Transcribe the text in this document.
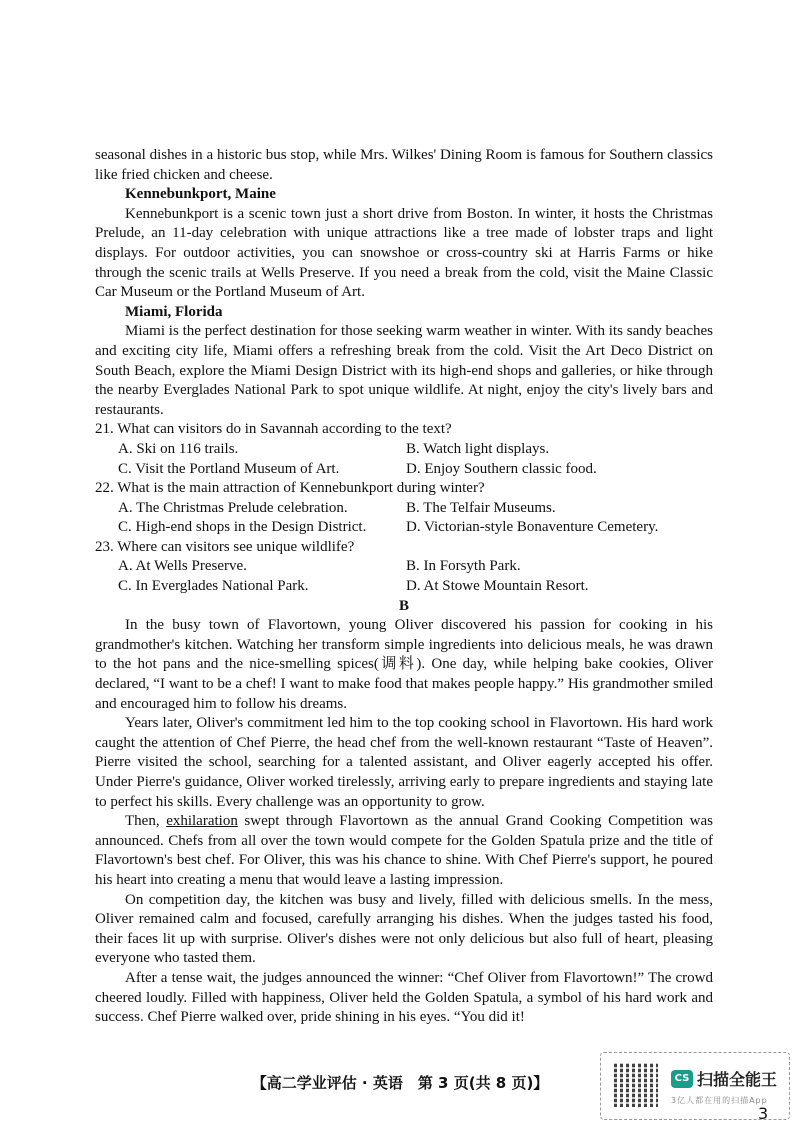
seasonal dishes in a historic bus stop, while Mrs. Wilkes' Dining Room is famous for Southern classics like fried chicken and cheese.

Kennebunkport, Maine

Kennebunkport is a scenic town just a short drive from Boston. In winter, it hosts the Christmas Prelude, an 11-day celebration with unique attractions like a tree made of lobster traps and light displays. For outdoor activities, you can snowshoe or cross-country ski at Harris Farms or hike through the scenic trails at Wells Preserve. If you need a break from the cold, visit the Maine Classic Car Museum or the Portland Museum of Art.

Miami, Florida

Miami is the perfect destination for those seeking warm weather in winter. With its sandy beaches and exciting city life, Miami offers a refreshing break from the cold. Visit the Art Deco District on South Beach, explore the Miami Design District with its high-end shops and galleries, or hike through the nearby Everglades National Park to spot unique wildlife. At night, enjoy the city's lively bars and restaurants.

21. What can visitors do in Savannah according to the text?

A. Ski on 116 trails.	B. Watch light displays.
C. Visit the Portland Museum of Art.	D. Enjoy Southern classic food.

22. What is the main attraction of Kennebunkport during winter?

A. The Christmas Prelude celebration.	B. The Telfair Museums.
C. High-end shops in the Design District.	D. Victorian-style Bonaventure Cemetery.

23. Where can visitors see unique wildlife?

A. At Wells Preserve.	B. In Forsyth Park.
C. In Everglades National Park.	D. At Stowe Mountain Resort.

B

In the busy town of Flavortown, young Oliver discovered his passion for cooking in his grandmother's kitchen. Watching her transform simple ingredients into delicious meals, he was drawn to the hot pans and the nice-smelling spices(调料). One day, while helping bake cookies, Oliver declared, “I want to be a chef! I want to make food that makes people happy.” His grandmother smiled and encouraged him to follow his dreams.

Years later, Oliver's commitment led him to the top cooking school in Flavortown. His hard work caught the attention of Chef Pierre, the head chef from the well-known restaurant “Taste of Heaven”. Pierre visited the school, searching for a talented assistant, and Oliver eagerly accepted his offer. Under Pierre's guidance, Oliver worked tirelessly, arriving early to prepare ingredients and staying late to perfect his skills. Every challenge was an opportunity to grow.

Then, exhilaration swept through Flavortown as the annual Grand Cooking Competition was announced. Chefs from all over the town would compete for the Golden Spatula prize and the title of Flavortown's best chef. For Oliver, this was his chance to shine. With Chef Pierre's support, he poured his heart into creating a menu that would leave a lasting impression.

On competition day, the kitchen was busy and lively, filled with delicious smells. In the mess, Oliver remained calm and focused, carefully arranging his dishes. When the judges tasted his food, their faces lit up with surprise. Oliver's dishes were not only delicious but also full of heart, pleasing everyone who tasted them.

After a tense wait, the judges announced the winner: “Chef Oliver from Flavortown!” The crowd cheered loudly. Filled with happiness, Oliver held the Golden Spatula, a symbol of his hard work and success. Chef Pierre walked over, pride shining in his eyes. “You did it!

【高二学业评估 · 英语　第 3 页(共 8 页)】	CS 扫描全能王
3亿人都在用的扫描App
3
